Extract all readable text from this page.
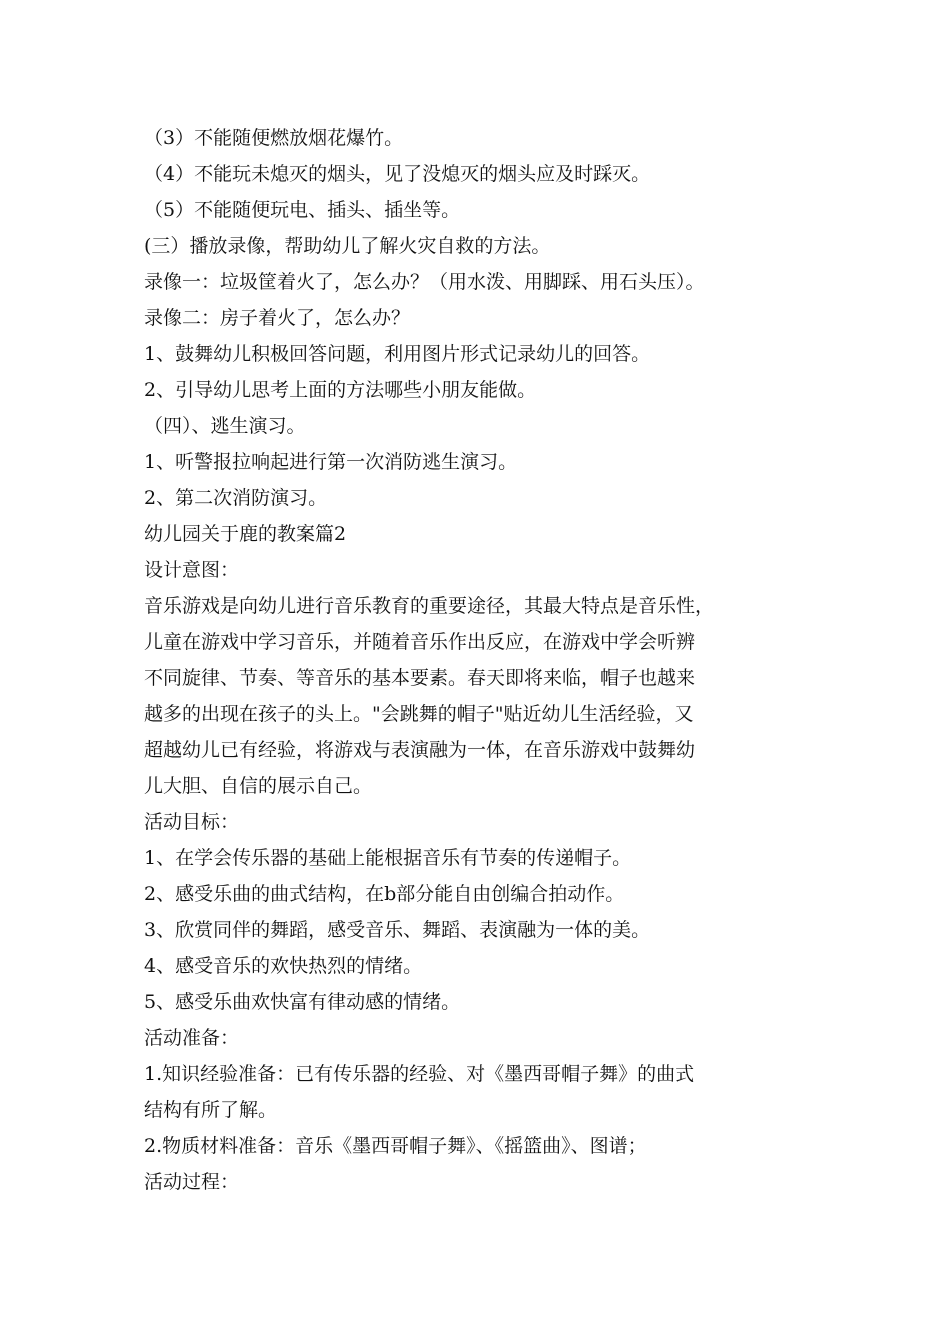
（3）不能随便燃放烟花爆竹。
（4）不能玩未熄灭的烟头，见了没熄灭的烟头应及时踩灭。
（5）不能随便玩电、插头、插坐等。
(三）播放录像，帮助幼儿了解火灾自救的方法。
录像一：垃圾筐着火了，怎么办？（用水泼、用脚踩、用石头压）。
录像二：房子着火了，怎么办？
1、鼓舞幼儿积极回答问题，利用图片形式记录幼儿的回答。
2、引导幼儿思考上面的方法哪些小朋友能做。
（四）、逃生演习。
1、听警报拉响起进行第一次消防逃生演习。
2、第二次消防演习。
幼儿园关于鹿的教案篇2
设计意图：
音乐游戏是向幼儿进行音乐教育的重要途径，其最大特点是音乐性，
儿童在游戏中学习音乐，并随着音乐作出反应，在游戏中学会听辨
不同旋律、节奏、等音乐的基本要素。春天即将来临，帽子也越来
越多的出现在孩子的头上。"会跳舞的帽子"贴近幼儿生活经验，又
超越幼儿已有经验，将游戏与表演融为一体，在音乐游戏中鼓舞幼
儿大胆、自信的展示自己。
活动目标：
1、在学会传乐器的基础上能根据音乐有节奏的传递帽子。
2、感受乐曲的曲式结构，在b部分能自由创编合拍动作。
3、欣赏同伴的舞蹈，感受音乐、舞蹈、表演融为一体的美。
4、感受音乐的欢快热烈的情绪。
5、感受乐曲欢快富有律动感的情绪。
活动准备：
1.知识经验准备：已有传乐器的经验、对《墨西哥帽子舞》的曲式
结构有所了解。
2.物质材料准备：音乐《墨西哥帽子舞》、《摇篮曲》、图谱；
活动过程：
